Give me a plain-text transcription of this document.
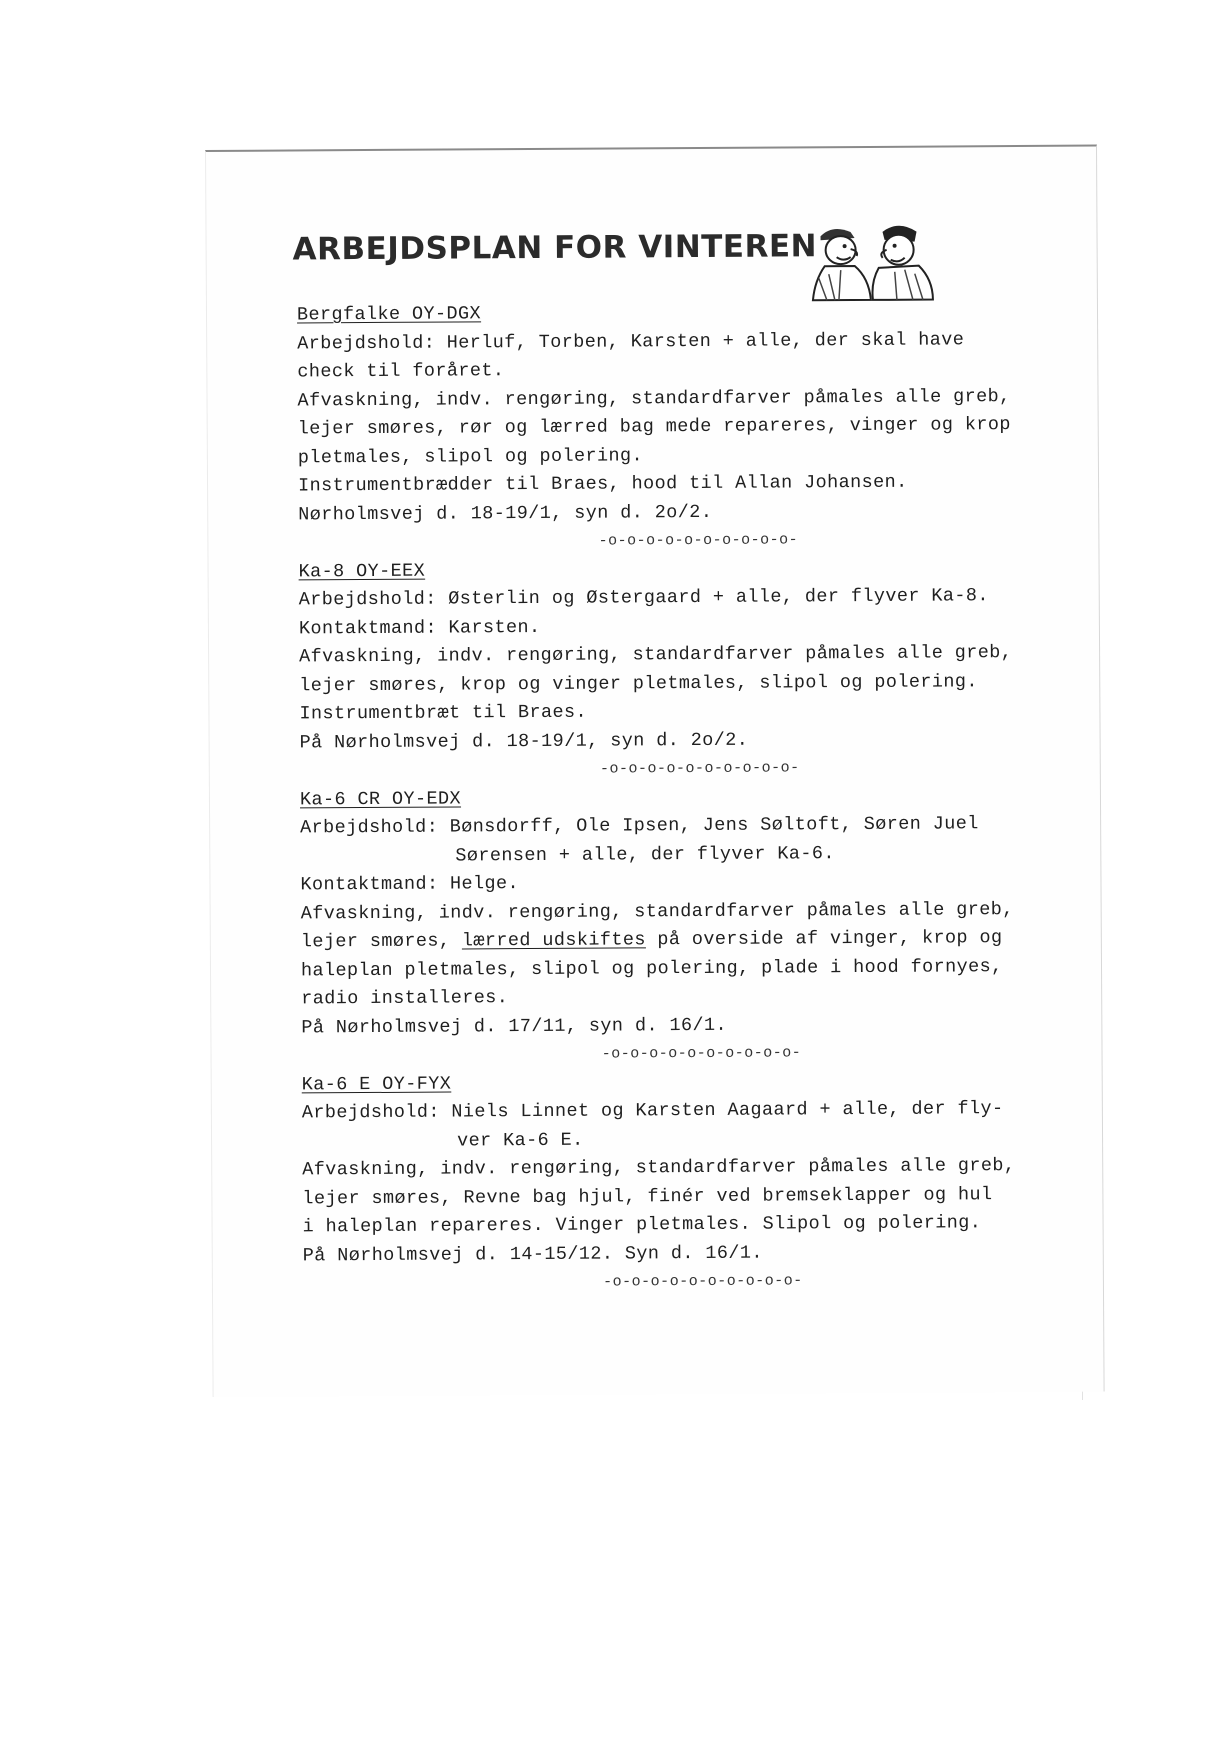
ARBEJDSPLAN FOR VINTEREN
Bergfalke OY-DGX
Arbejdshold: Herluf, Torben, Karsten + alle, der skal have
check til foråret.
Afvaskning, indv. rengøring, standardfarver påmales alle greb,
lejer smøres, rør og lærred bag mede repareres, vinger og krop
pletmales, slipol og polering.
Instrumentbrædder til Braes, hood til Allan Johansen.
Nørholmsvej d. 18-19/1, syn d. 2o/2.
-o-o-o-o-o-o-o-o-o-o-
Ka-8 OY-EEX
Arbejdshold: Østerlin og Østergaard + alle, der flyver Ka-8.
Kontaktmand: Karsten.
Afvaskning, indv. rengøring, standardfarver påmales alle greb,
lejer smøres, krop og vinger pletmales, slipol og polering.
Instrumentbræt til Braes.
På Nørholmsvej d. 18-19/1, syn d. 2o/2.
-o-o-o-o-o-o-o-o-o-o-
Ka-6 CR OY-EDX
Arbejdshold: Bønsdorff, Ole Ipsen, Jens Søltoft, Søren Juel
Sørensen + alle, der flyver Ka-6.
Kontaktmand: Helge.
Afvaskning, indv. rengøring, standardfarver påmales alle greb,
lejer smøres, lærred udskiftes på overside af vinger, krop og
haleplan pletmales, slipol og polering, plade i hood fornyes,
radio installeres.
På Nørholmsvej d. 17/11, syn d. 16/1.
-o-o-o-o-o-o-o-o-o-o-
Ka-6 E OY-FYX
Arbejdshold: Niels Linnet og Karsten Aagaard + alle, der fly-
ver Ka-6 E.
Afvaskning, indv. rengøring, standardfarver påmales alle greb,
lejer smøres, Revne bag hjul, finér ved bremseklapper og hul
i haleplan repareres. Vinger pletmales. Slipol og polering.
På Nørholmsvej d. 14-15/12. Syn d. 16/1.
-o-o-o-o-o-o-o-o-o-o-
